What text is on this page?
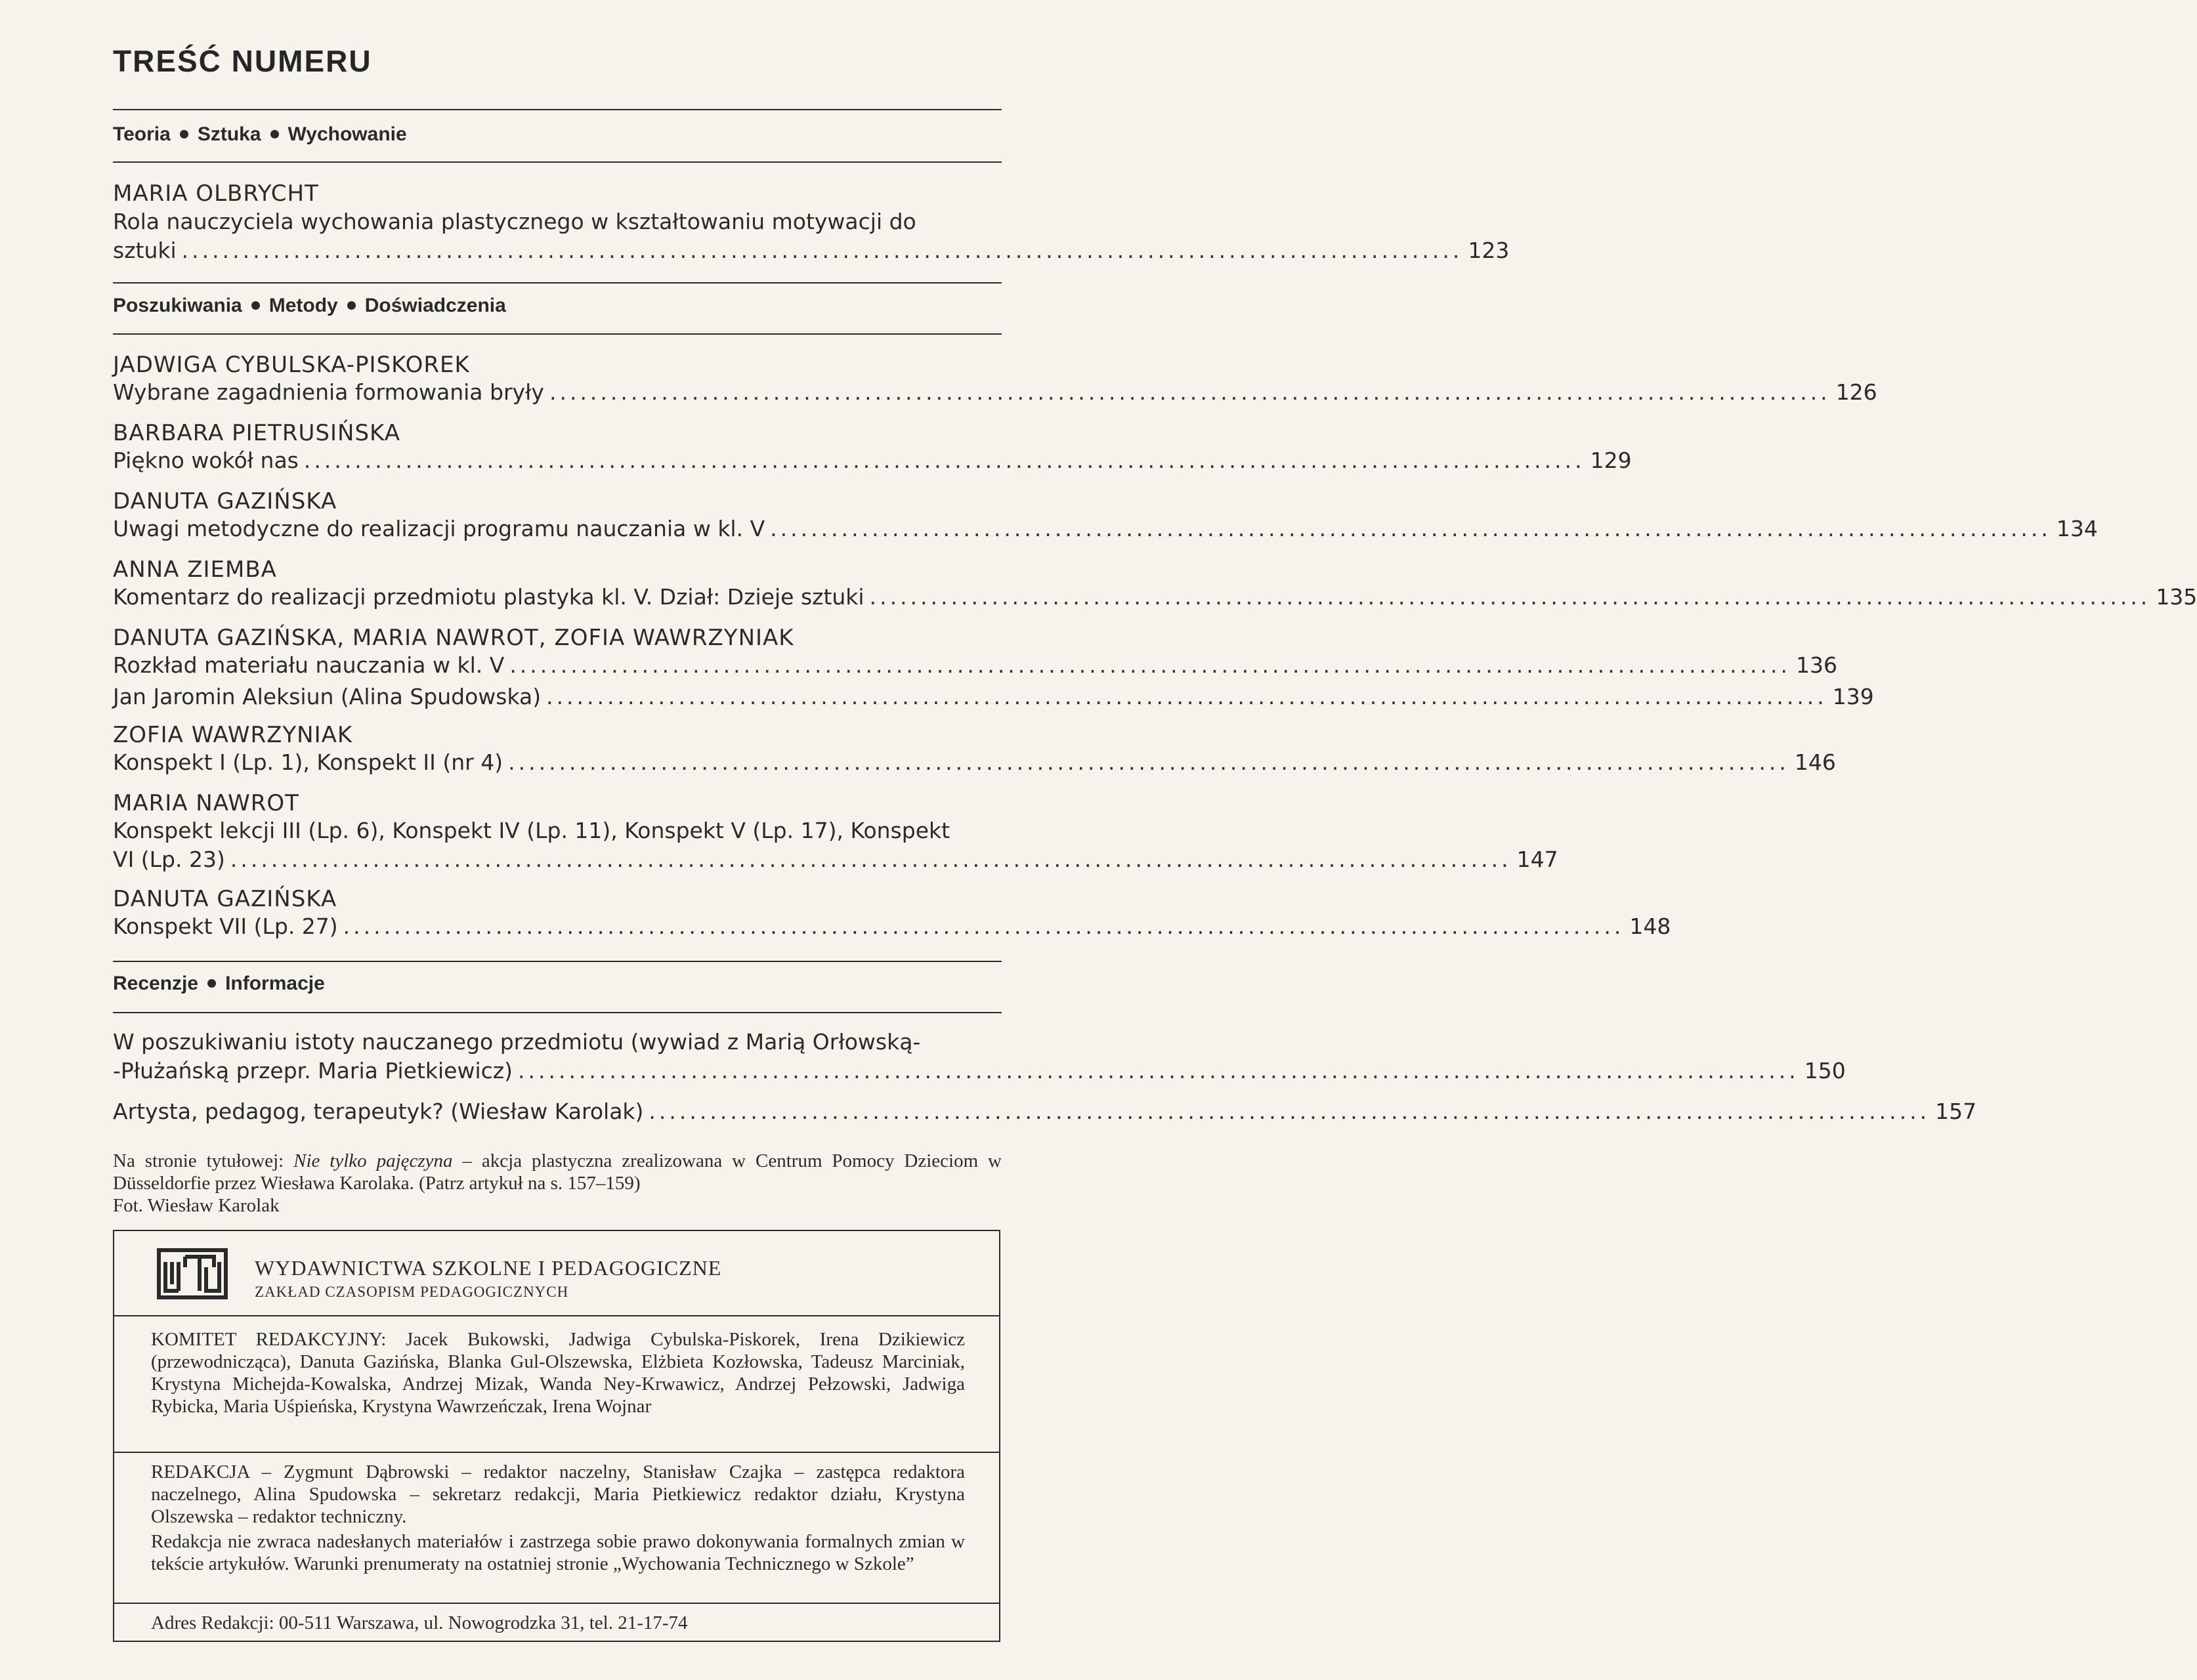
TREŚĆ NUMERU
Teoria Sztuka Wychowanie
MARIA OLBRYCHT
Rola nauczyciela wychowania plastycznego w kształtowaniu motywacji do
sztuki .............................................................................................................................. 123
Poszukiwania Metody Doświadczenia
JADWIGA CYBULSKA-PISKOREK
Wybrane zagadnienia formowania bryły .............................................................................................................................. 126
BARBARA PIETRUSIŃSKA
Piękno wokół nas .............................................................................................................................. 129
DANUTA GAZIŃSKA
Uwagi metodyczne do realizacji programu nauczania w kl. V .............................................................................................................................. 134
ANNA ZIEMBA
Komentarz do realizacji przedmiotu plastyka kl. V. Dział: Dzieje sztuki .............................................................................................................................. 135
DANUTA GAZIŃSKA, MARIA NAWROT, ZOFIA WAWRZYNIAK
Rozkład materiału nauczania w kl. V .............................................................................................................................. 136
Jan Jaromin Aleksiun (Alina Spudowska) .............................................................................................................................. 139
ZOFIA WAWRZYNIAK
Konspekt I (Lp. 1), Konspekt II (nr 4) .............................................................................................................................. 146
MARIA NAWROT
Konspekt lekcji III (Lp. 6), Konspekt IV (Lp. 11), Konspekt V (Lp. 17), Konspekt
VI (Lp. 23) .............................................................................................................................. 147
DANUTA GAZIŃSKA
Konspekt VII (Lp. 27) .............................................................................................................................. 148
Recenzje Informacje
W poszukiwaniu istoty nauczanego przedmiotu (wywiad z Marią Orłowską-
-Płużańską przepr. Maria Pietkiewicz) .............................................................................................................................. 150
Artysta, pedagog, terapeutyk? (Wiesław Karolak) .............................................................................................................................. 157
Na stronie tytułowej: Nie tylko pajęczyna – akcja plastyczna zrealizowana w Centrum Pomocy Dzieciom w Düsseldorfie przez Wiesława Karolaka. (Patrz artykuł na s. 157–159)
Fot. Wiesław Karolak
WYDAWNICTWA SZKOLNE I PEDAGOGICZNE
ZAKŁAD CZASOPISM PEDAGOGICZNYCH
KOMITET REDAKCYJNY: Jacek Bukowski, Jadwiga Cybulska-Piskorek, Irena Dzikiewicz (przewodnicząca), Danuta Gazińska, Blanka Gul-Olszewska, Elżbieta Kozłowska, Tadeusz Marciniak, Krystyna Michejda-Kowalska, Andrzej Mizak, Wanda Ney-Krwawicz, Andrzej Pełzowski, Jadwiga Rybicka, Maria Uśpieńska, Krystyna Wawrzeńczak, Irena Wojnar
REDAKCJA – Zygmunt Dąbrowski – redaktor naczelny, Stanisław Czajka – zastępca redaktora naczelnego, Alina Spudowska – sekretarz redakcji, Maria Pietkiewicz redaktor działu, Krystyna Olszewska – redaktor techniczny.
Redakcja nie zwraca nadesłanych materiałów i zastrzega sobie prawo dokonywania formalnych zmian w tekście artykułów. Warunki prenumeraty na ostatniej stronie „Wychowania Technicznego w Szkole”
Adres Redakcji: 00-511 Warszawa, ul. Nowogrodzka 31, tel. 21-17-74
